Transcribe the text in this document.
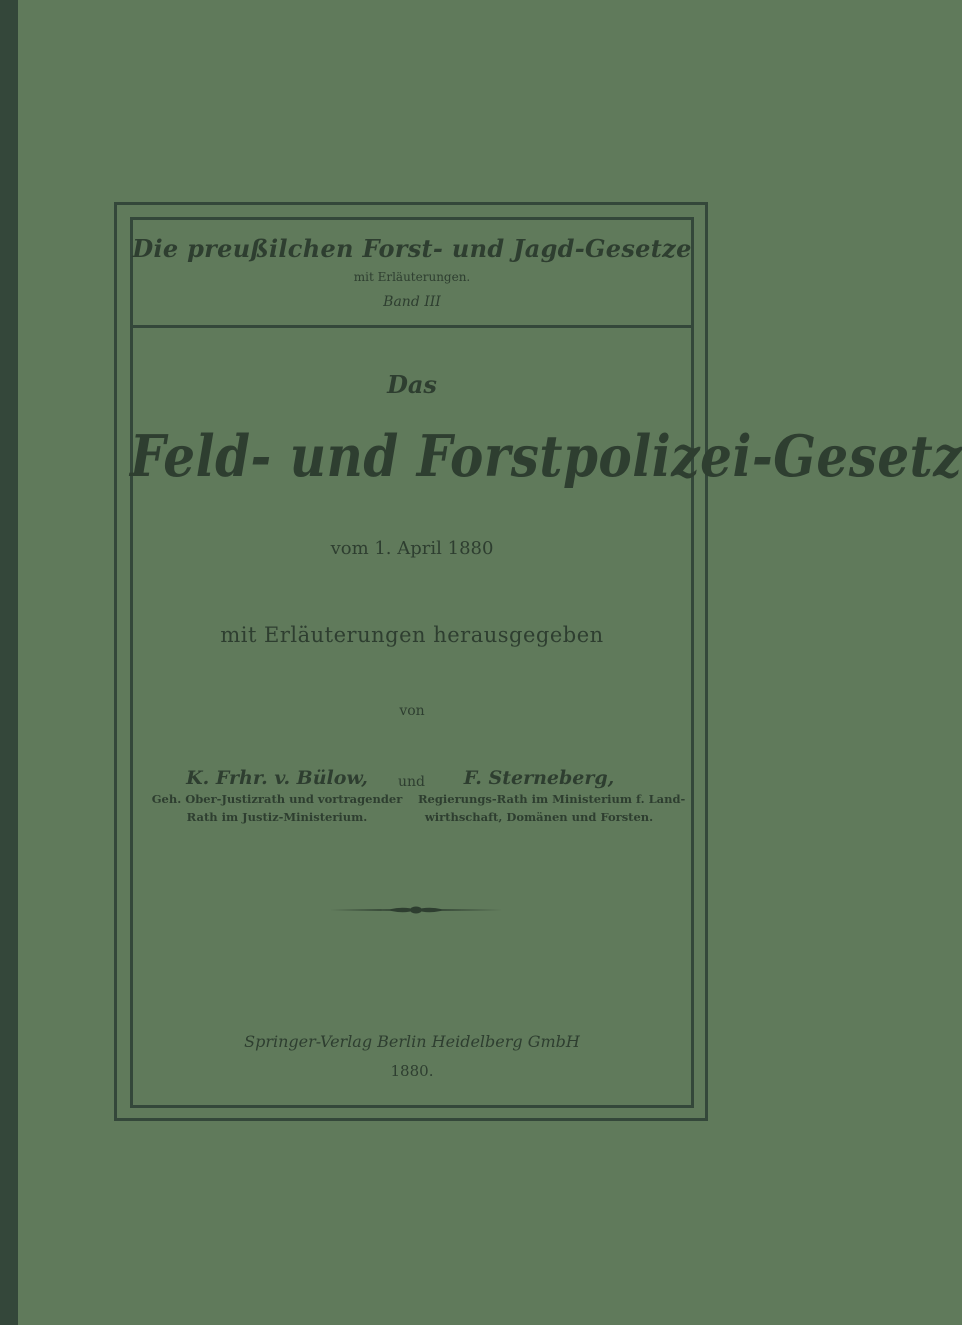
Die preußilchen Forst- und Jagd-Gesetze
mit Erläuterungen.
Band III
Das
Feld- und Forstpolizei-Gesetz
vom 1. April 1880
mit Erläuterungen herausgegeben
von
K. Frhr. v. Bülow,
Geh. Ober-Justizrath und vortragender
Rath im Justiz-Ministerium.
und	F. Sterneberg,
Regierungs-Rath im Ministerium f. Land-
wirthschaft, Domänen und Forsten.
Springer-Verlag Berlin Heidelberg GmbH
1880.
